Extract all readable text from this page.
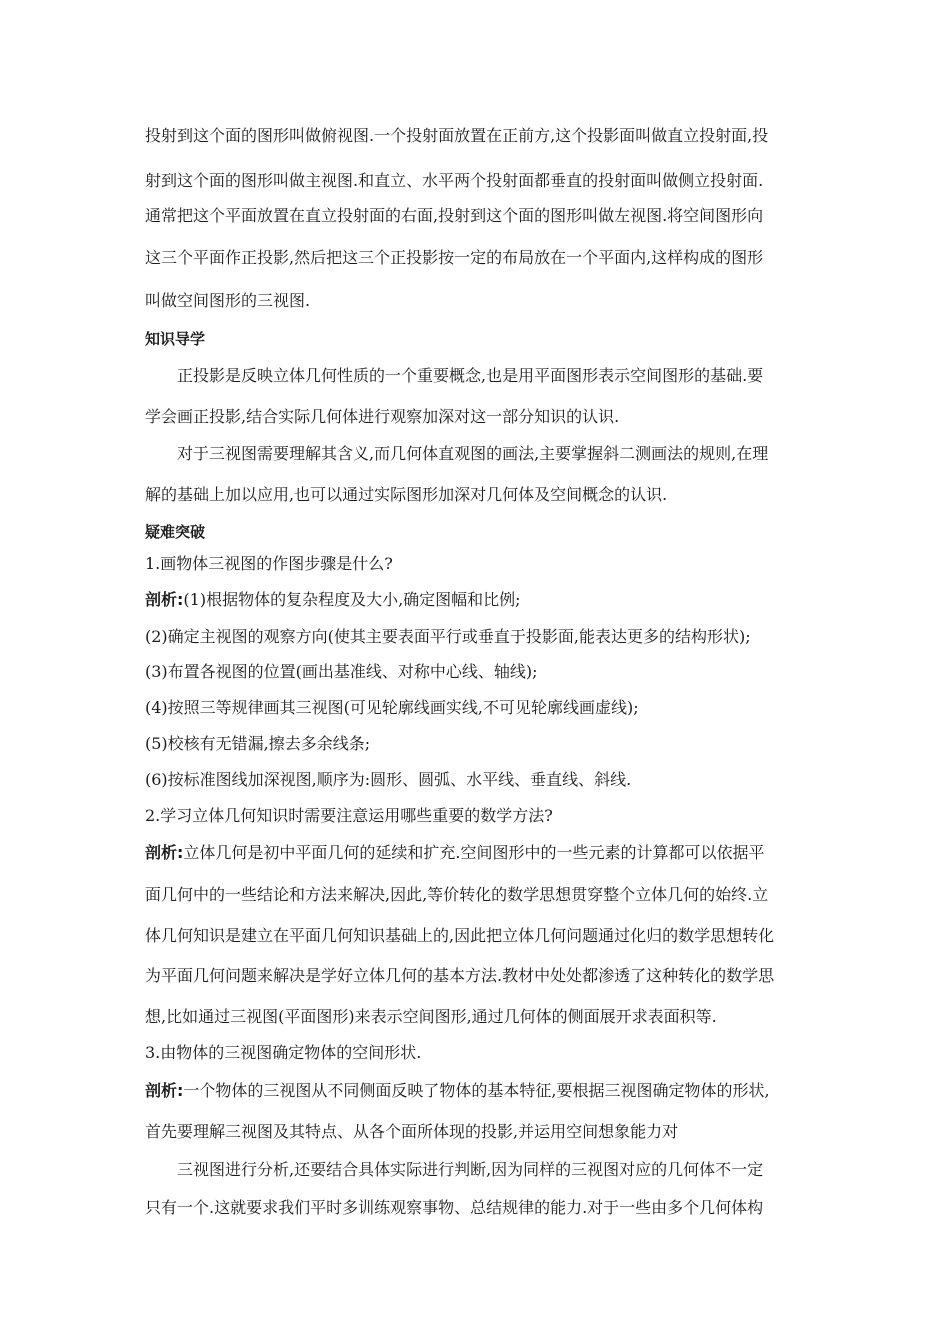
投射到这个面的图形叫做俯视图.一个投射面放置在正前方,这个投影面叫做直立投射面,投
射到这个面的图形叫做主视图.和直立、水平两个投射面都垂直的投射面叫做侧立投射面.
通常把这个平面放置在直立投射面的右面,投射到这个面的图形叫做左视图.将空间图形向
这三个平面作正投影,然后把这三个正投影按一定的布局放在一个平面内,这样构成的图形
叫做空间图形的三视图.
知识导学
正投影是反映立体几何性质的一个重要概念,也是用平面图形表示空间图形的基础.要
学会画正投影,结合实际几何体进行观察加深对这一部分知识的认识.
对于三视图需要理解其含义,而几何体直观图的画法,主要掌握斜二测画法的规则,在理
解的基础上加以应用,也可以通过实际图形加深对几何体及空间概念的认识.
疑难突破
1.画物体三视图的作图步骤是什么?
剖析:(1)根据物体的复杂程度及大小,确定图幅和比例;
(2)确定主视图的观察方向(使其主要表面平行或垂直于投影面,能表达更多的结构形状);
(3)布置各视图的位置(画出基准线、对称中心线、轴线);
(4)按照三等规律画其三视图(可见轮廓线画实线,不可见轮廓线画虚线);
(5)校核有无错漏,擦去多余线条;
(6)按标准图线加深视图,顺序为:圆形、圆弧、水平线、垂直线、斜线.
2.学习立体几何知识时需要注意运用哪些重要的数学方法?
剖析:立体几何是初中平面几何的延续和扩充.空间图形中的一些元素的计算都可以依据平
面几何中的一些结论和方法来解决,因此,等价转化的数学思想贯穿整个立体几何的始终.立
体几何知识是建立在平面几何知识基础上的,因此把立体几何问题通过化归的数学思想转化
为平面几何问题来解决是学好立体几何的基本方法.教材中处处都渗透了这种转化的数学思
想,比如通过三视图(平面图形)来表示空间图形,通过几何体的侧面展开求表面积等.
3.由物体的三视图确定物体的空间形状.
剖析:一个物体的三视图从不同侧面反映了物体的基本特征,要根据三视图确定物体的形状,
首先要理解三视图及其特点、从各个面所体现的投影,并运用空间想象能力对
三视图进行分析,还要结合具体实际进行判断,因为同样的三视图对应的几何体不一定
只有一个.这就要求我们平时多训练观察事物、总结规律的能力.对于一些由多个几何体构
